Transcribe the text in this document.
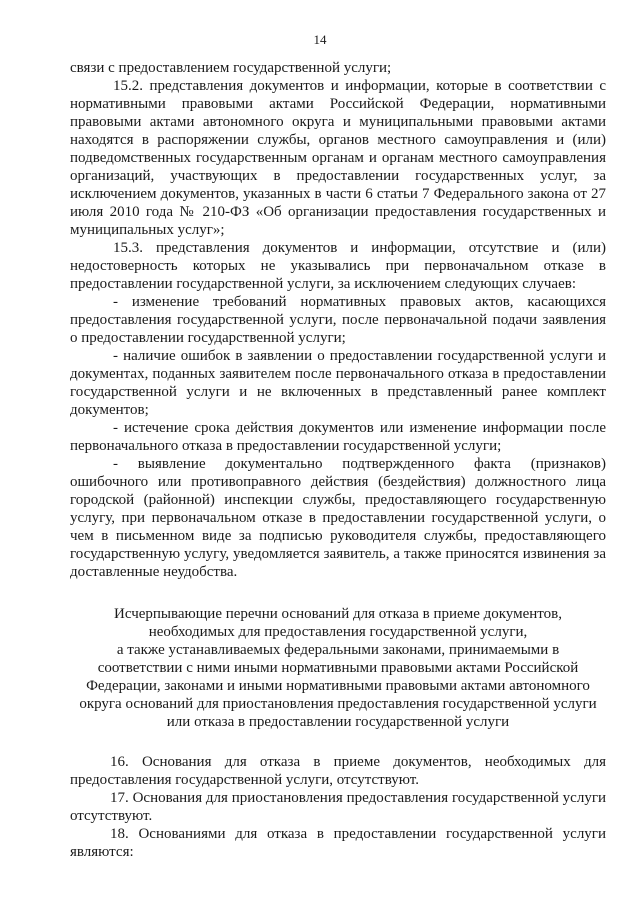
14

связи с предоставлением государственной услуги;

15.2. представления документов и информации, которые в соответствии с нормативными правовыми актами Российской Федерации, нормативными правовыми актами автономного округа и муниципальными правовыми актами находятся в распоряжении службы, органов местного самоуправления и (или) подведомственных государственным органам и органам местного самоуправления организаций, участвующих в предоставлении государственных услуг, за исключением документов, указанных в части 6 статьи 7 Федерального закона от 27 июля 2010 года № 210-ФЗ «Об организации предоставления государственных и муниципальных услуг»;

15.3. представления документов и информации, отсутствие и (или) недостоверность которых не указывались при первоначальном отказе в предоставлении государственной услуги, за исключением следующих случаев:

- изменение требований нормативных правовых актов, касающихся предоставления государственной услуги, после первоначальной подачи заявления о предоставлении государственной услуги;

- наличие ошибок в заявлении о предоставлении государственной услуги и документах, поданных заявителем после первоначального отказа в предоставлении государственной услуги и не включенных в представленный ранее комплект документов;

- истечение срока действия документов или изменение информации после первоначального отказа в предоставлении государственной услуги;

- выявление документально подтвержденного факта (признаков) ошибочного или противоправного действия (бездействия) должностного лица городской (районной) инспекции службы, предоставляющего государственную услугу, при первоначальном отказе в предоставлении государственной услуги, о чем в письменном виде за подписью руководителя службы, предоставляющего государственную услугу, уведомляется заявитель, а также приносятся извинения за доставленные неудобства.

Исчерпывающие перечни оснований для отказа в приеме документов,
необходимых для предоставления государственной услуги,
а также устанавливаемых федеральными законами, принимаемыми в
соответствии с ними иными нормативными правовыми актами Российской
Федерации, законами и иными нормативными правовыми актами автономного
округа оснований для приостановления предоставления государственной услуги
или отказа в предоставлении государственной услуги

16. Основания для отказа в приеме документов, необходимых для предоставления государственной услуги, отсутствуют.

17. Основания для приостановления предоставления государственной услуги отсутствуют.

18. Основаниями для отказа в предоставлении государственной услуги являются:
